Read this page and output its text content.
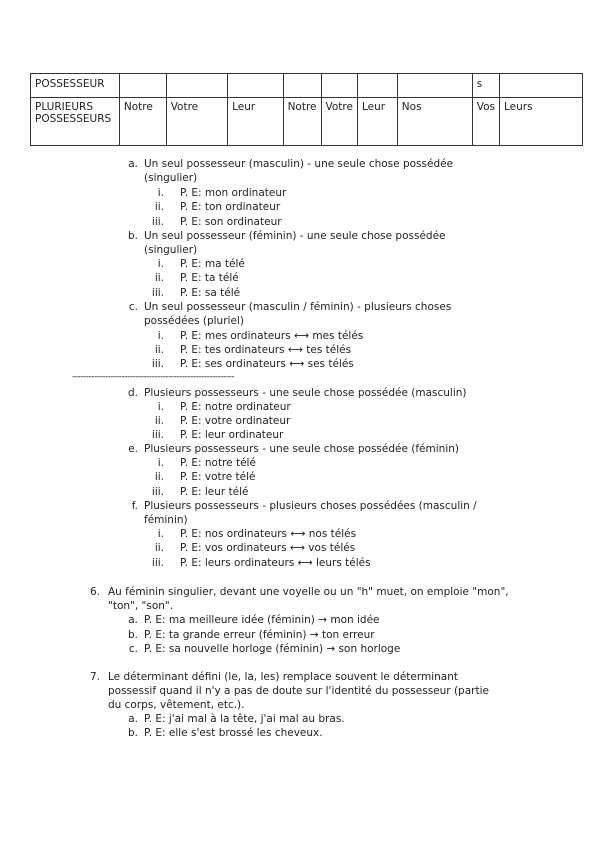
POSSESSEUR								s	
PLURIEURS POSSESSEURS	Notre	Votre	Leur	Notre	Votre	Leur	Nos	Vos	Leurs
a. Un seul possesseur (masculin) - une seule chose possédée
(singulier)
i. P. E: mon ordinateur
ii. P. E: ton ordinateur
iii. P. E: son ordinateur
b. Un seul possesseur (féminin) - une seule chose possédée
(singulier)
i. P. E: ma télé
ii. P. E: ta télé
iii. P. E: sa télé
c. Un seul possesseur (masculin / féminin) - plusieurs choses
possédées (pluriel)
i. P. E: mes ordinateurs ⟷ mes télés
ii. P. E: tes ordinateurs ⟷ tes télés
iii. P. E: ses ordinateurs ⟷ ses télés
-----------------------------------------------------------
d. Plusieurs possesseurs - une seule chose possédée (masculin)
i. P. E: notre ordinateur
ii. P. E: votre ordinateur
iii. P. E: leur ordinateur
e. Plusieurs possesseurs - une seule chose possédée (féminin)
i. P. E: notre télé
ii. P. E: votre télé
iii. P. E: leur télé
f. Plusieurs possesseurs - plusieurs choses possédées (masculin /
féminin)
i. P. E: nos ordinateurs ⟷ nos télés
ii. P. E: vos ordinateurs ⟷ vos télés
iii. P. E: leurs ordinateurs ⟷ leurs télés
6. Au féminin singulier, devant une voyelle ou un "h" muet, on emploie "mon",
"ton", "son".
a. P. E: ma meilleure idée (féminin) → mon idée
b. P. E: ta grande erreur (féminin) → ton erreur
c. P. E: sa nouvelle horloge (féminin) → son horloge
7. Le déterminant défini (le, la, les) remplace souvent le déterminant
possessif quand il n'y a pas de doute sur l'identité du possesseur (partie
du corps, vêtement, etc.).
a. P. E: j'ai mal à la tête, j'ai mal au bras.
b. P. E: elle s'est brossé les cheveux.
